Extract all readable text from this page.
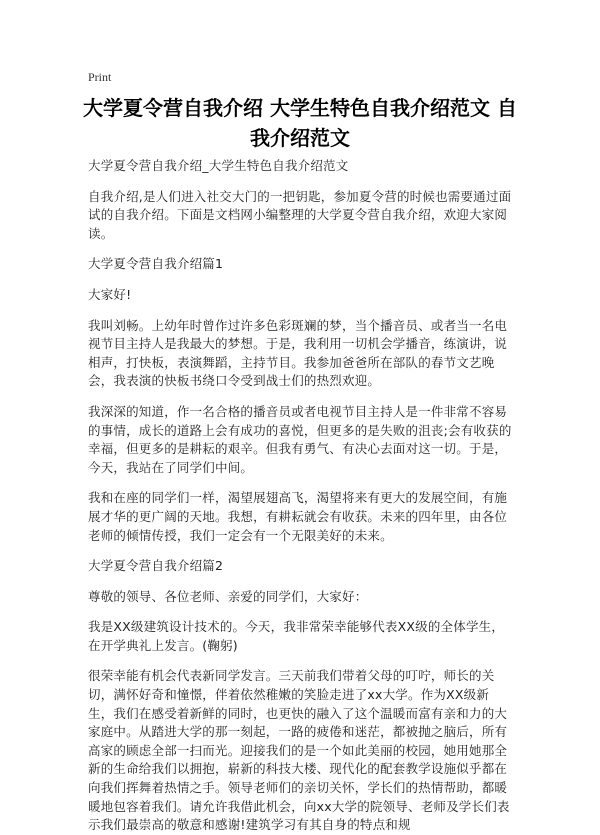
Print
大学夏令营自我介绍 大学生特色自我介绍范文 自我介绍范文

大学夏令营自我介绍_大学生特色自我介绍范文

自我介绍,是人们进入社交大门的一把钥匙，参加夏令营的时候也需要通过面试的自我介绍。下面是文档网小编整理的大学夏令营自我介绍，欢迎大家阅读。

大学夏令营自我介绍篇1

大家好!

我叫刘畅。上幼年时曾作过许多色彩斑斓的梦，当个播音员、或者当一名电视节目主持人是我最大的梦想。于是，我利用一切机会学播音，练演讲，说相声，打快板，表演舞蹈，主持节目。我参加爸爸所在部队的春节文艺晚会，我表演的快板书绕口令受到战士们的热烈欢迎。

我深深的知道，作一名合格的播音员或者电视节目主持人是一件非常不容易的事情，成长的道路上会有成功的喜悦，但更多的是失败的沮丧;会有收获的幸福，但更多的是耕耘的艰辛。但我有勇气、有决心去面对这一切。于是，今天，我站在了同学们中间。

我和在座的同学们一样，渴望展翅高飞，渴望将来有更大的发展空间，有施展才华的更广阔的天地。我想，有耕耘就会有收获。未来的四年里，由各位老师的倾情传授，我们一定会有一个无限美好的未来。

大学夏令营自我介绍篇2

尊敬的领导、各位老师、亲爱的同学们，大家好：

我是XX级建筑设计技术的。今天，我非常荣幸能够代表XX级的全体学生，在开学典礼上发言。(鞠躬)

很荣幸能有机会代表新同学发言。三天前我们带着父母的叮咛，师长的关切，满怀好奇和憧憬，伴着依然稚嫩的笑脸走进了xx大学。作为XX级新生，我们在感受着新鲜的同时，也更快的融入了这个温暖而富有亲和力的大家庭中。从踏进大学的那一刻起，一路的疲倦和迷茫，都被抛之脑后，所有高家的顾虑全部一扫而光。迎接我们的是一个如此美丽的校园，她用她那全新的生命给我们以拥抱，崭新的科技大楼、现代化的配套教学设施似乎都在向我们挥舞着热情之手。领导老师们的亲切关怀，学长们的热情帮助，都暖暖地包容着我们。请允许我借此机会，向xx大学的院领导、老师及学长们表示我们最崇高的敬意和感谢!建筑学习有其自身的特点和规
